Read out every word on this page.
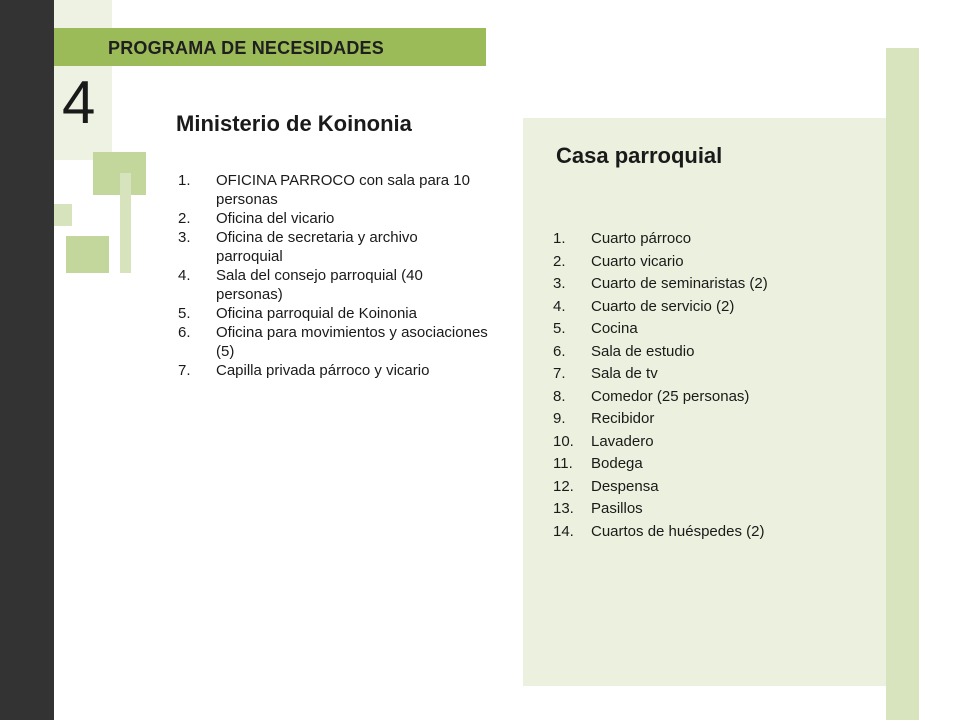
PROGRAMA DE NECESIDADES
4	Ministerio de Koinonia
1.	OFICINA PARROCO con sala para 10 personas
2.	Oficina del vicario
3.	Oficina de secretaria y archivo parroquial
4.	Sala del consejo parroquial (40 personas)
5.	Oficina parroquial de Koinonia
6.	Oficina para movimientos y asociaciones (5)
7.	Capilla privada párroco y vicario
Casa parroquial
1.	Cuarto párroco
2.	Cuarto vicario
3.	Cuarto de seminaristas (2)
4.	Cuarto de servicio (2)
5.	Cocina
6.	Sala de estudio
7.	Sala de tv
8.	Comedor (25 personas)
9.	Recibidor
10.	Lavadero
11.	Bodega
12.	Despensa
13.	Pasillos
14.	Cuartos de huéspedes (2)
